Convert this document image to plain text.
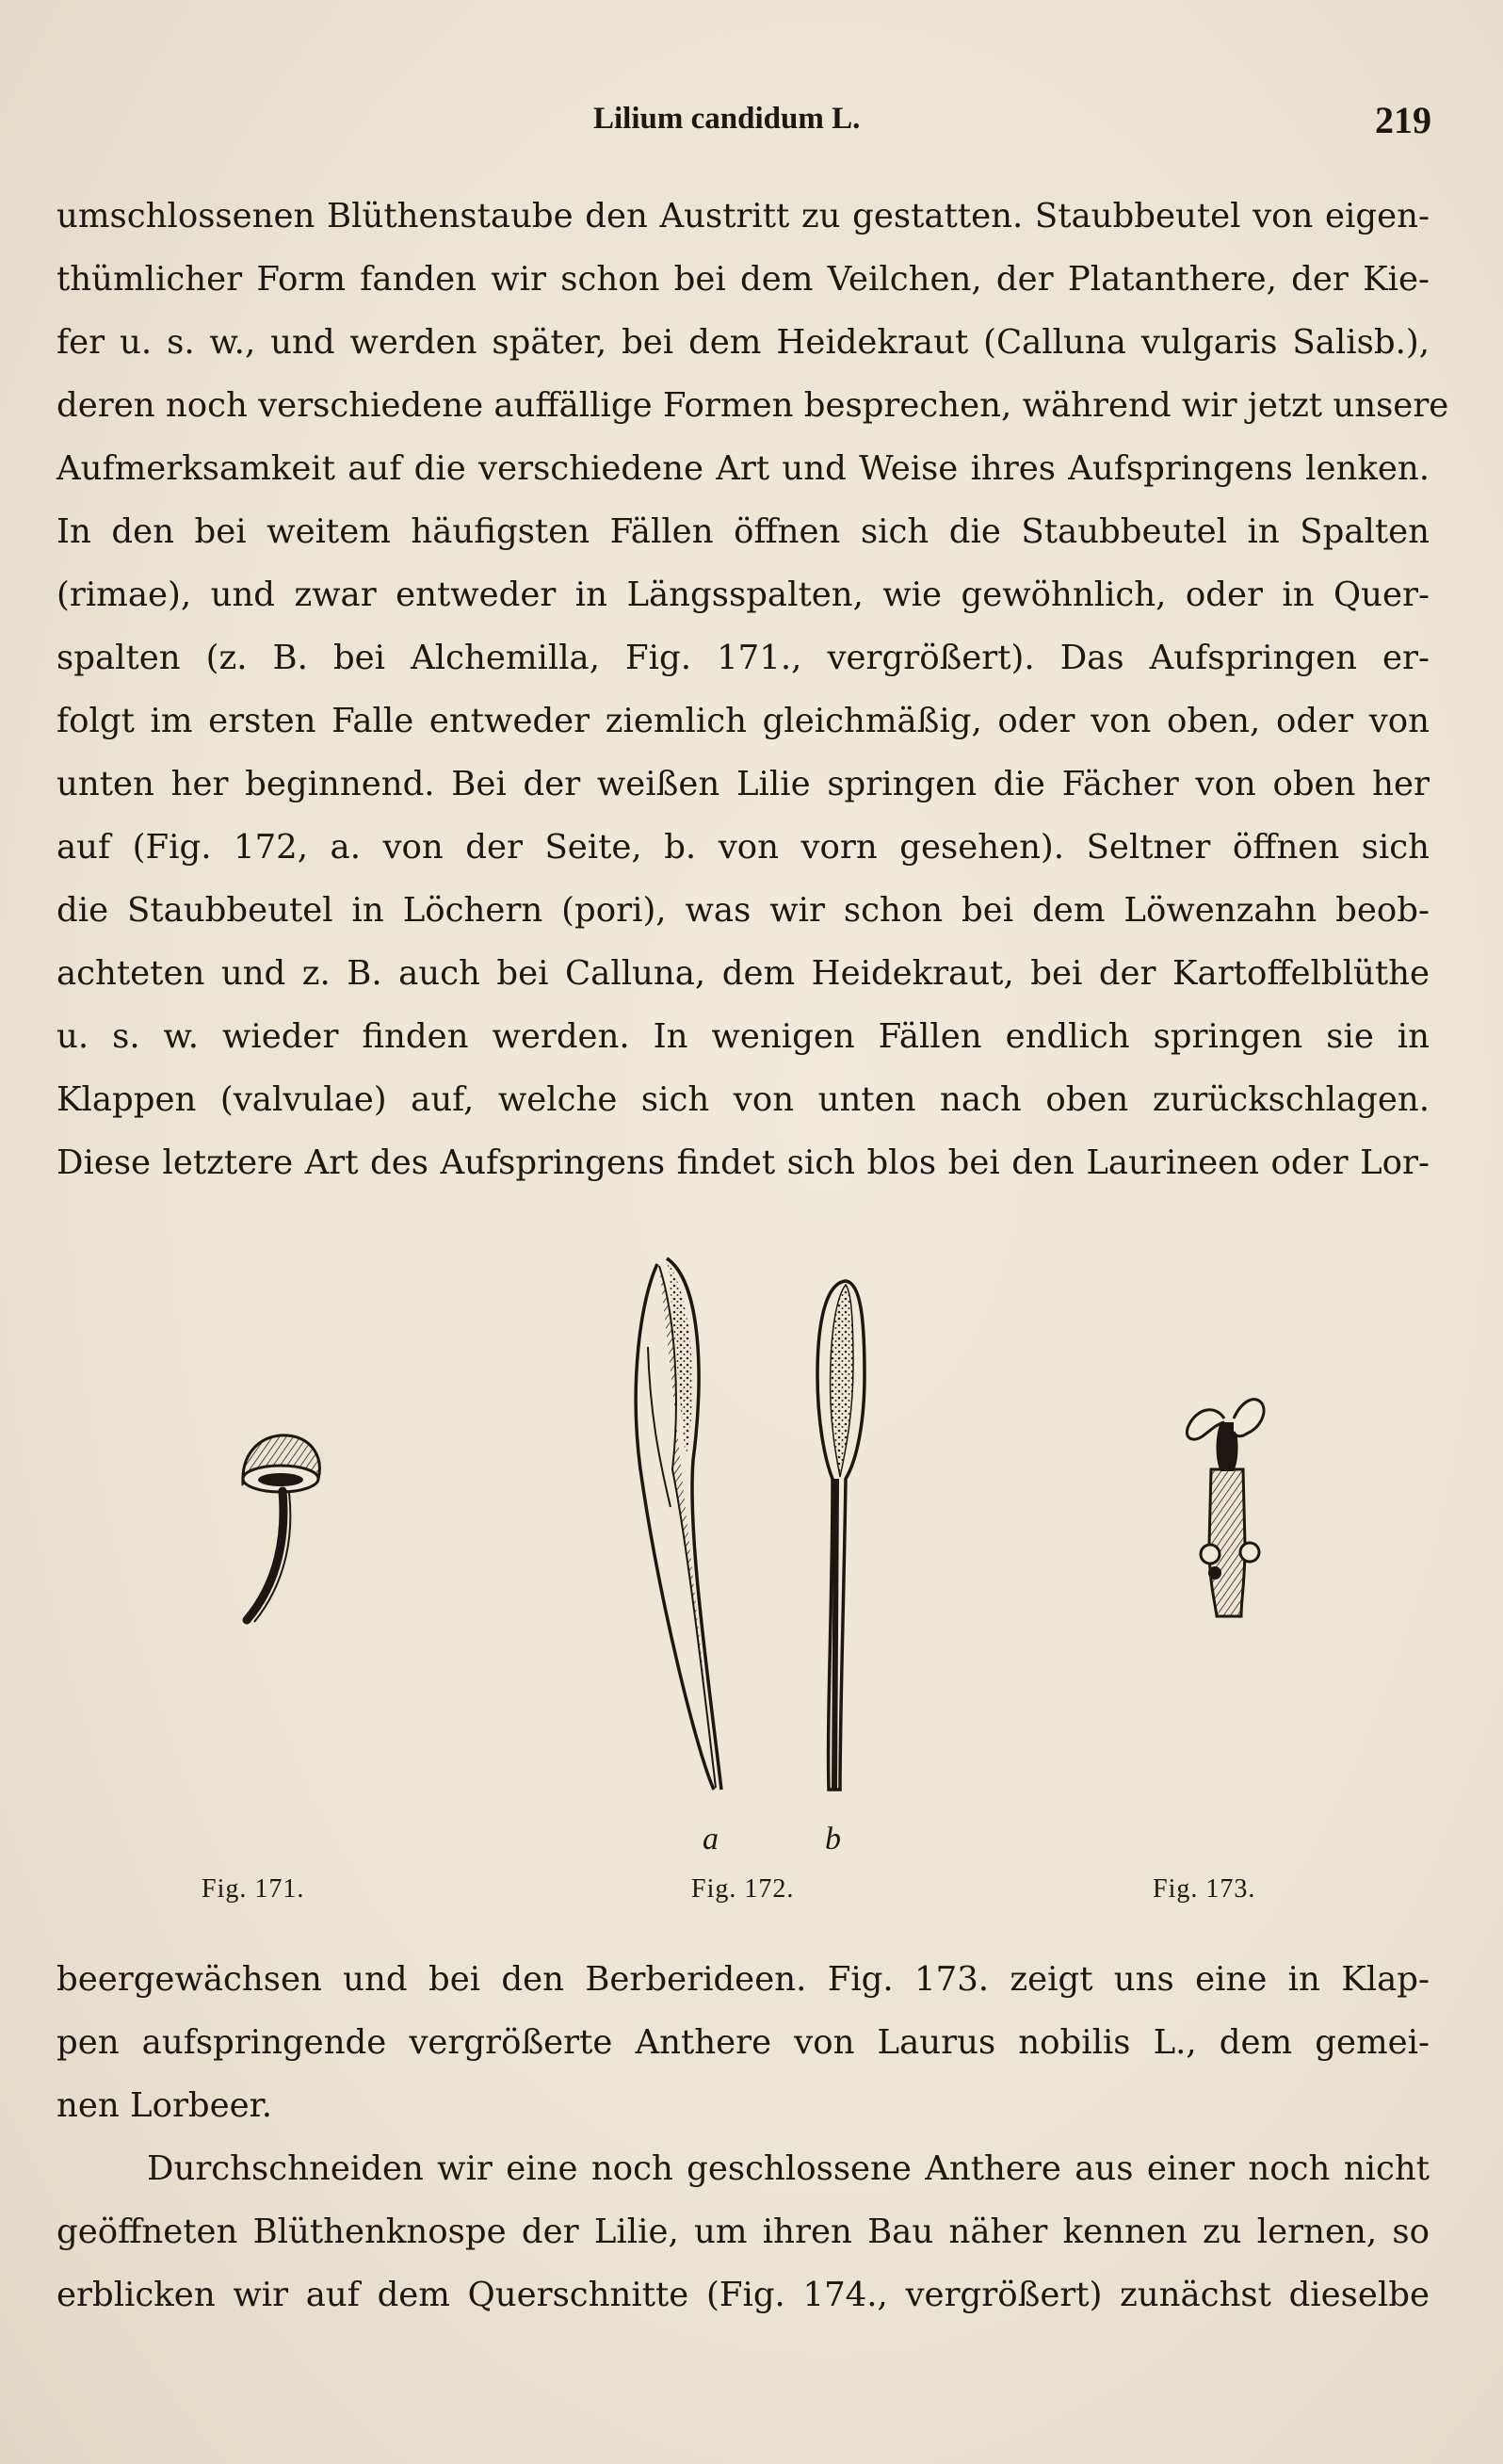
Lilium candidum L.	219
umschlossenen Blüthenstaube den Austritt zu gestatten. Staubbeutel von eigen-
thümlicher Form fanden wir schon bei dem Veilchen, der Platanthere, der Kie-
fer u. s. w., und werden später, bei dem Heidekraut (Calluna vulgaris Salisb.),
deren noch verschiedene auffällige Formen besprechen, während wir jetzt unsere
Aufmerksamkeit auf die verschiedene Art und Weise ihres Aufspringens lenken.
In den bei weitem häufigsten Fällen öffnen sich die Staubbeutel in Spalten
(rimae), und zwar entweder in Längsspalten, wie gewöhnlich, oder in Quer-
spalten (z. B. bei Alchemilla, Fig. 171., vergrößert). Das Aufspringen er-
folgt im ersten Falle entweder ziemlich gleichmäßig, oder von oben, oder von
unten her beginnend. Bei der weißen Lilie springen die Fächer von oben her
auf (Fig. 172, a. von der Seite, b. von vorn gesehen). Seltner öffnen sich
die Staubbeutel in Löchern (pori), was wir schon bei dem Löwenzahn beob-
achteten und z. B. auch bei Calluna, dem Heidekraut, bei der Kartoffelblüthe
u. s. w. wieder finden werden. In wenigen Fällen endlich springen sie in
Klappen (valvulae) auf, welche sich von unten nach oben zurückschlagen.
Diese letztere Art des Aufspringens findet sich blos bei den Laurineen oder Lor-
a	b
Fig. 171.	Fig. 172.	Fig. 173.
beergewächsen und bei den Berberideen. Fig. 173. zeigt uns eine in Klap-
pen aufspringende vergrößerte Anthere von Laurus nobilis L., dem gemei-
nen Lorbeer.
Durchschneiden wir eine noch geschlossene Anthere aus einer noch nicht
geöffneten Blüthenknospe der Lilie, um ihren Bau näher kennen zu lernen, so
erblicken wir auf dem Querschnitte (Fig. 174., vergrößert) zunächst dieselbe
